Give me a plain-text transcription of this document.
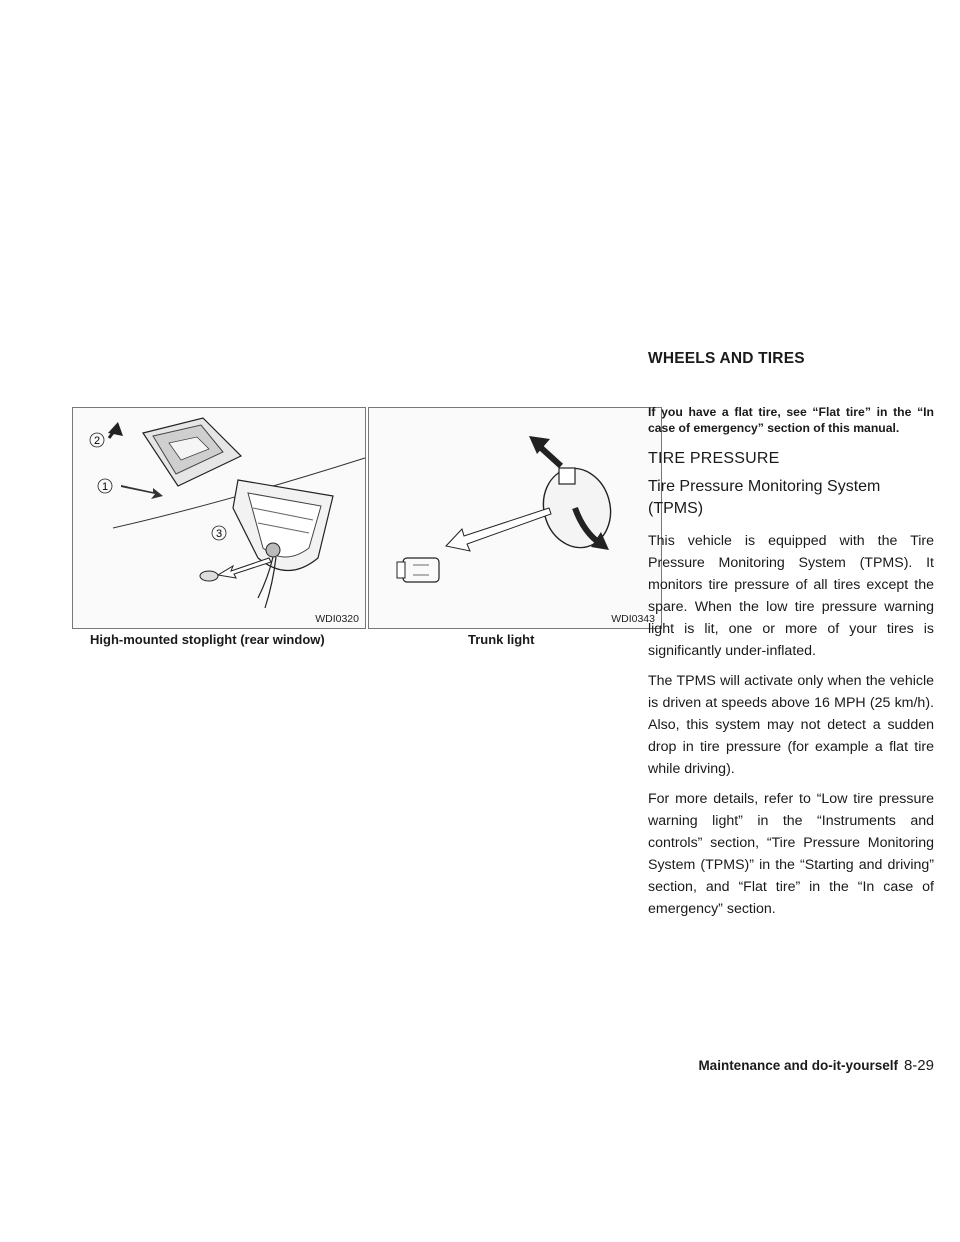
WHEELS AND TIRES
2
1
3
WDI0320

High-mounted stoplight (rear window)

WDI0343

Trunk light

If you have a flat tire, see “Flat tire” in the “In case of emergency” section of this manual.

TIRE PRESSURE
Tire Pressure Monitoring System (TPMS)

This vehicle is equipped with the Tire Pressure Monitoring System (TPMS). It monitors tire pressure of all tires except the spare. When the low tire pressure warning light is lit, one or more of your tires is significantly under-inflated.

The TPMS will activate only when the vehicle is driven at speeds above 16 MPH (25 km/h). Also, this system may not detect a sudden drop in tire pressure (for example a flat tire while driving).

For more details, refer to “Low tire pressure warning light” in the “Instruments and controls” section, “Tire Pressure Monitoring System (TPMS)” in the “Starting and driving” section, and “Flat tire” in the “In case of emergency” section.

Maintenance and do-it-yourself 8-29
